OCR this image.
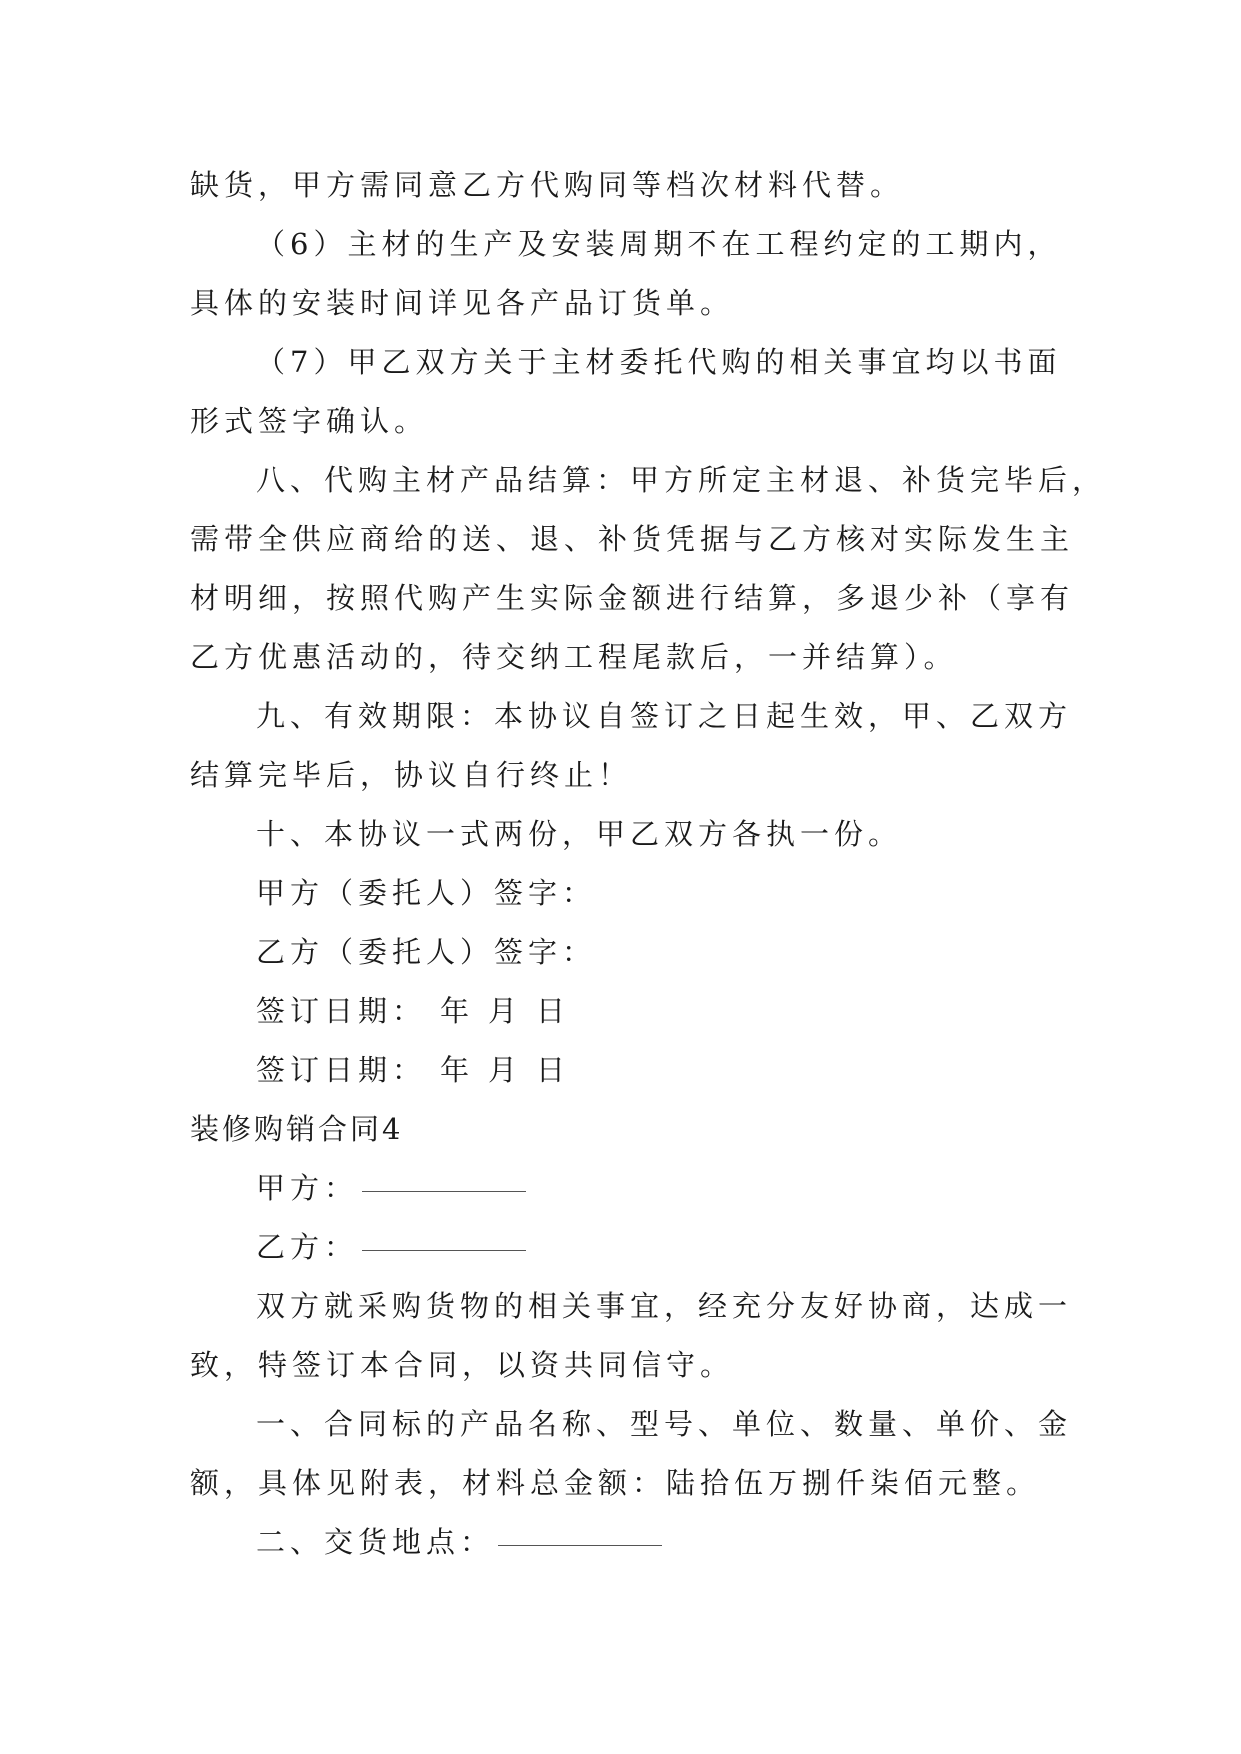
缺货，甲方需同意乙方代购同等档次材料代替。
（6）主材的生产及安装周期不在工程约定的工期内，
具体的安装时间详见各产品订货单。
（7）甲乙双方关于主材委托代购的相关事宜均以书面
形式签字确认。
八、代购主材产品结算：甲方所定主材退、补货完毕后，
需带全供应商给的送、退、补货凭据与乙方核对实际发生主
材明细，按照代购产生实际金额进行结算，多退少补（享有
乙方优惠活动的，待交纳工程尾款后，一并结算）。
九、有效期限：本协议自签订之日起生效，甲、乙双方
结算完毕后，协议自行终止！
十、本协议一式两份，甲乙双方各执一份。
甲方（委托人）签字：
乙方（委托人）签字：
签订日期： 年 月 日
签订日期： 年 月 日
装修购销合同4
甲方：
乙方：
双方就采购货物的相关事宜，经充分友好协商，达成一
致，特签订本合同，以资共同信守。
一、合同标的产品名称、型号、单位、数量、单价、金
额，具体见附表，材料总金额：陆拾伍万捌仟柒佰元整。
二、交货地点：
